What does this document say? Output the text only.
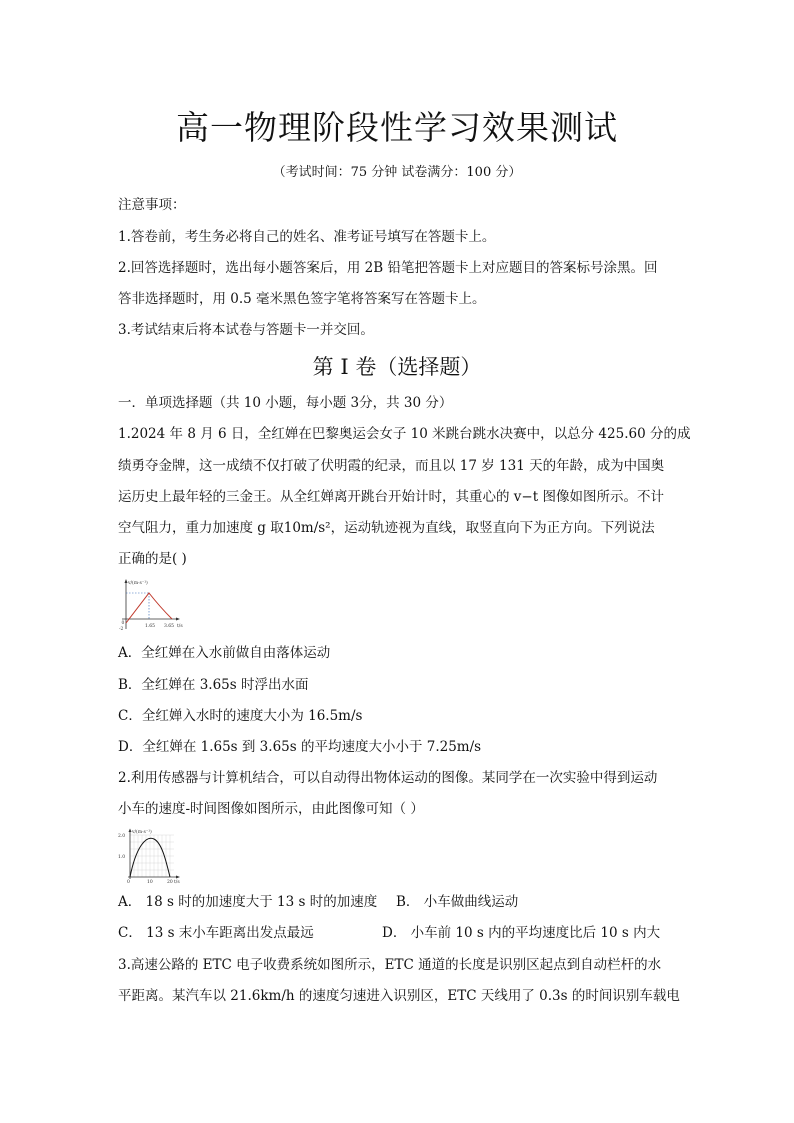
高一物理阶段性学习效果测试
（考试时间：75 分钟 试卷满分：100 分）
注意事项：
1.答卷前，考生务必将自己的姓名、准考证号填写在答题卡上。
2.回答选择题时，选出每小题答案后，用 2B 铅笔把答题卡上对应题目的答案标号涂黑。回
答非选择题时，用 0.5 毫米黑色签字笔将答案写在答题卡上。
3.考试结束后将本试卷与答题卡一并交回。
第 I 卷（选择题）
一．单项选择题（共 10 小题，每小题 3分，共 30 分）
1.2024 年 8 月 6 日，全红婵在巴黎奥运会女子 10 米跳台跳水决赛中，以总分 425.60 分的成
绩勇夺金牌，这一成绩不仅打破了伏明霞的纪录，而且以 17 岁 131 天的年龄，成为中国奥
运历史上最年轻的三金王。从全红婵离开跳台开始计时，其重心的 v−t 图像如图所示。不计
空气阻力，重力加速度 g 取10m/s²，运动轨迹视为直线，取竖直向下为正方向。下列说法
正确的是( )
v/(m·s⁻¹)
t/s
0
-2
1.65 3.65
A．全红婵在入水前做自由落体运动
B．全红婵在 3.65s 时浮出水面
C．全红婵入水时的速度大小为 16.5m/s
D．全红婵在 1.65s 到 3.65s 的平均速度大小小于 7.25m/s
2.利用传感器与计算机结合，可以自动得出物体运动的图像。某同学在一次实验中得到运动
小车的速度-时间图像如图所示，由此图像可知（ ）
v/(m·s⁻¹)
2.0
1.0
0	10	20 t/s
A． 18 s 时的加速度大于 13 s 时的加速度 B． 小车做曲线运动
C． 13 s 末小车距离出发点最远	D． 小车前 10 s 内的平均速度比后 10 s 内大
3.高速公路的 ETC 电子收费系统如图所示，ETC 通道的长度是识别区起点到自动栏杆的水
平距离。某汽车以 21.6km/h 的速度匀速进入识别区，ETC 天线用了 0.3s 的时间识别车载电
